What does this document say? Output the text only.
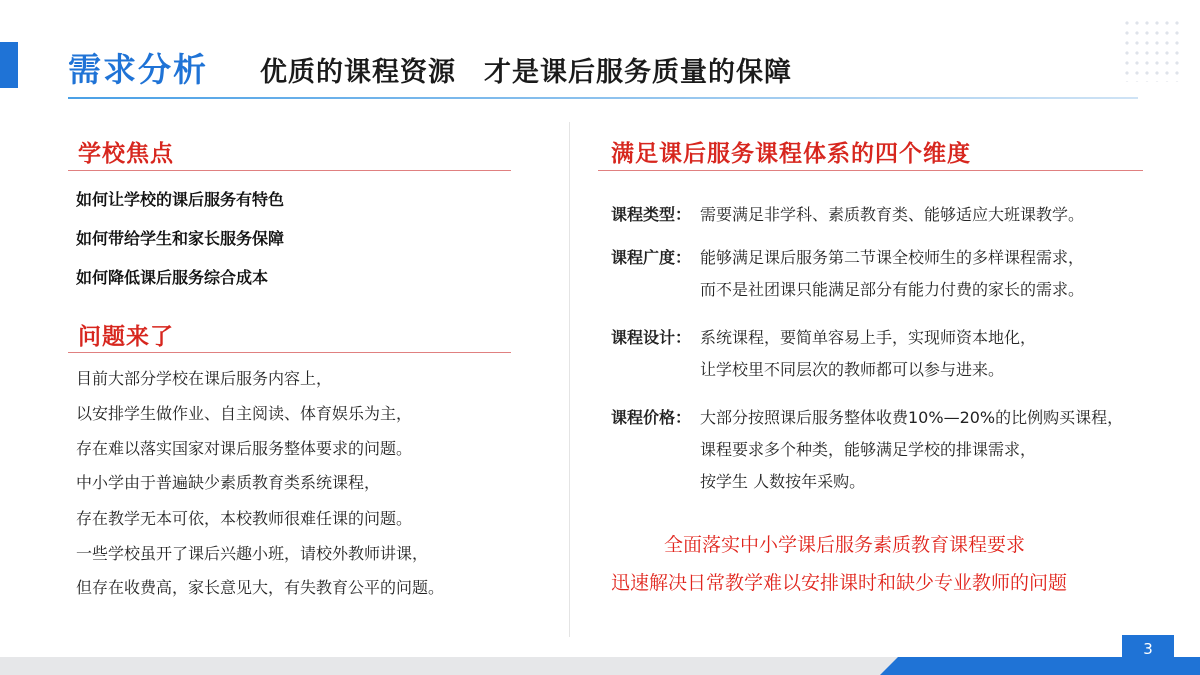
需求分析 优质的课程资源　才是课后服务质量的保障
学校焦点
如何让学校的课后服务有特色
如何带给学生和家长服务保障
如何降低课后服务综合成本
问题来了
目前大部分学校在课后服务内容上，
以安排学生做作业、自主阅读、体育娱乐为主，
存在难以落实国家对课后服务整体要求的问题。
中小学由于普遍缺少素质教育类系统课程，
存在教学无本可依，本校教师很难任课的问题。
一些学校虽开了课后兴趣小班，请校外教师讲课，
但存在收费高，家长意见大，有失教育公平的问题。
满足课后服务课程体系的四个维度
课程类型： 需要满足非学科、素质教育类、能够适应大班课教学。
课程广度： 能够满足课后服务第二节课全校师生的多样课程需求，
而不是社团课只能满足部分有能力付费的家长的需求。
课程设计： 系统课程，要简单容易上手，实现师资本地化，
让学校里不同层次的教师都可以参与进来。
课程价格： 大部分按照课后服务整体收费10%—20%的比例购买课程，
课程要求多个种类，能够满足学校的排课需求，
按学生 人数按年采购。
全面落实中小学课后服务素质教育课程要求
迅速解决日常教学难以安排课时和缺少专业教师的问题
3
